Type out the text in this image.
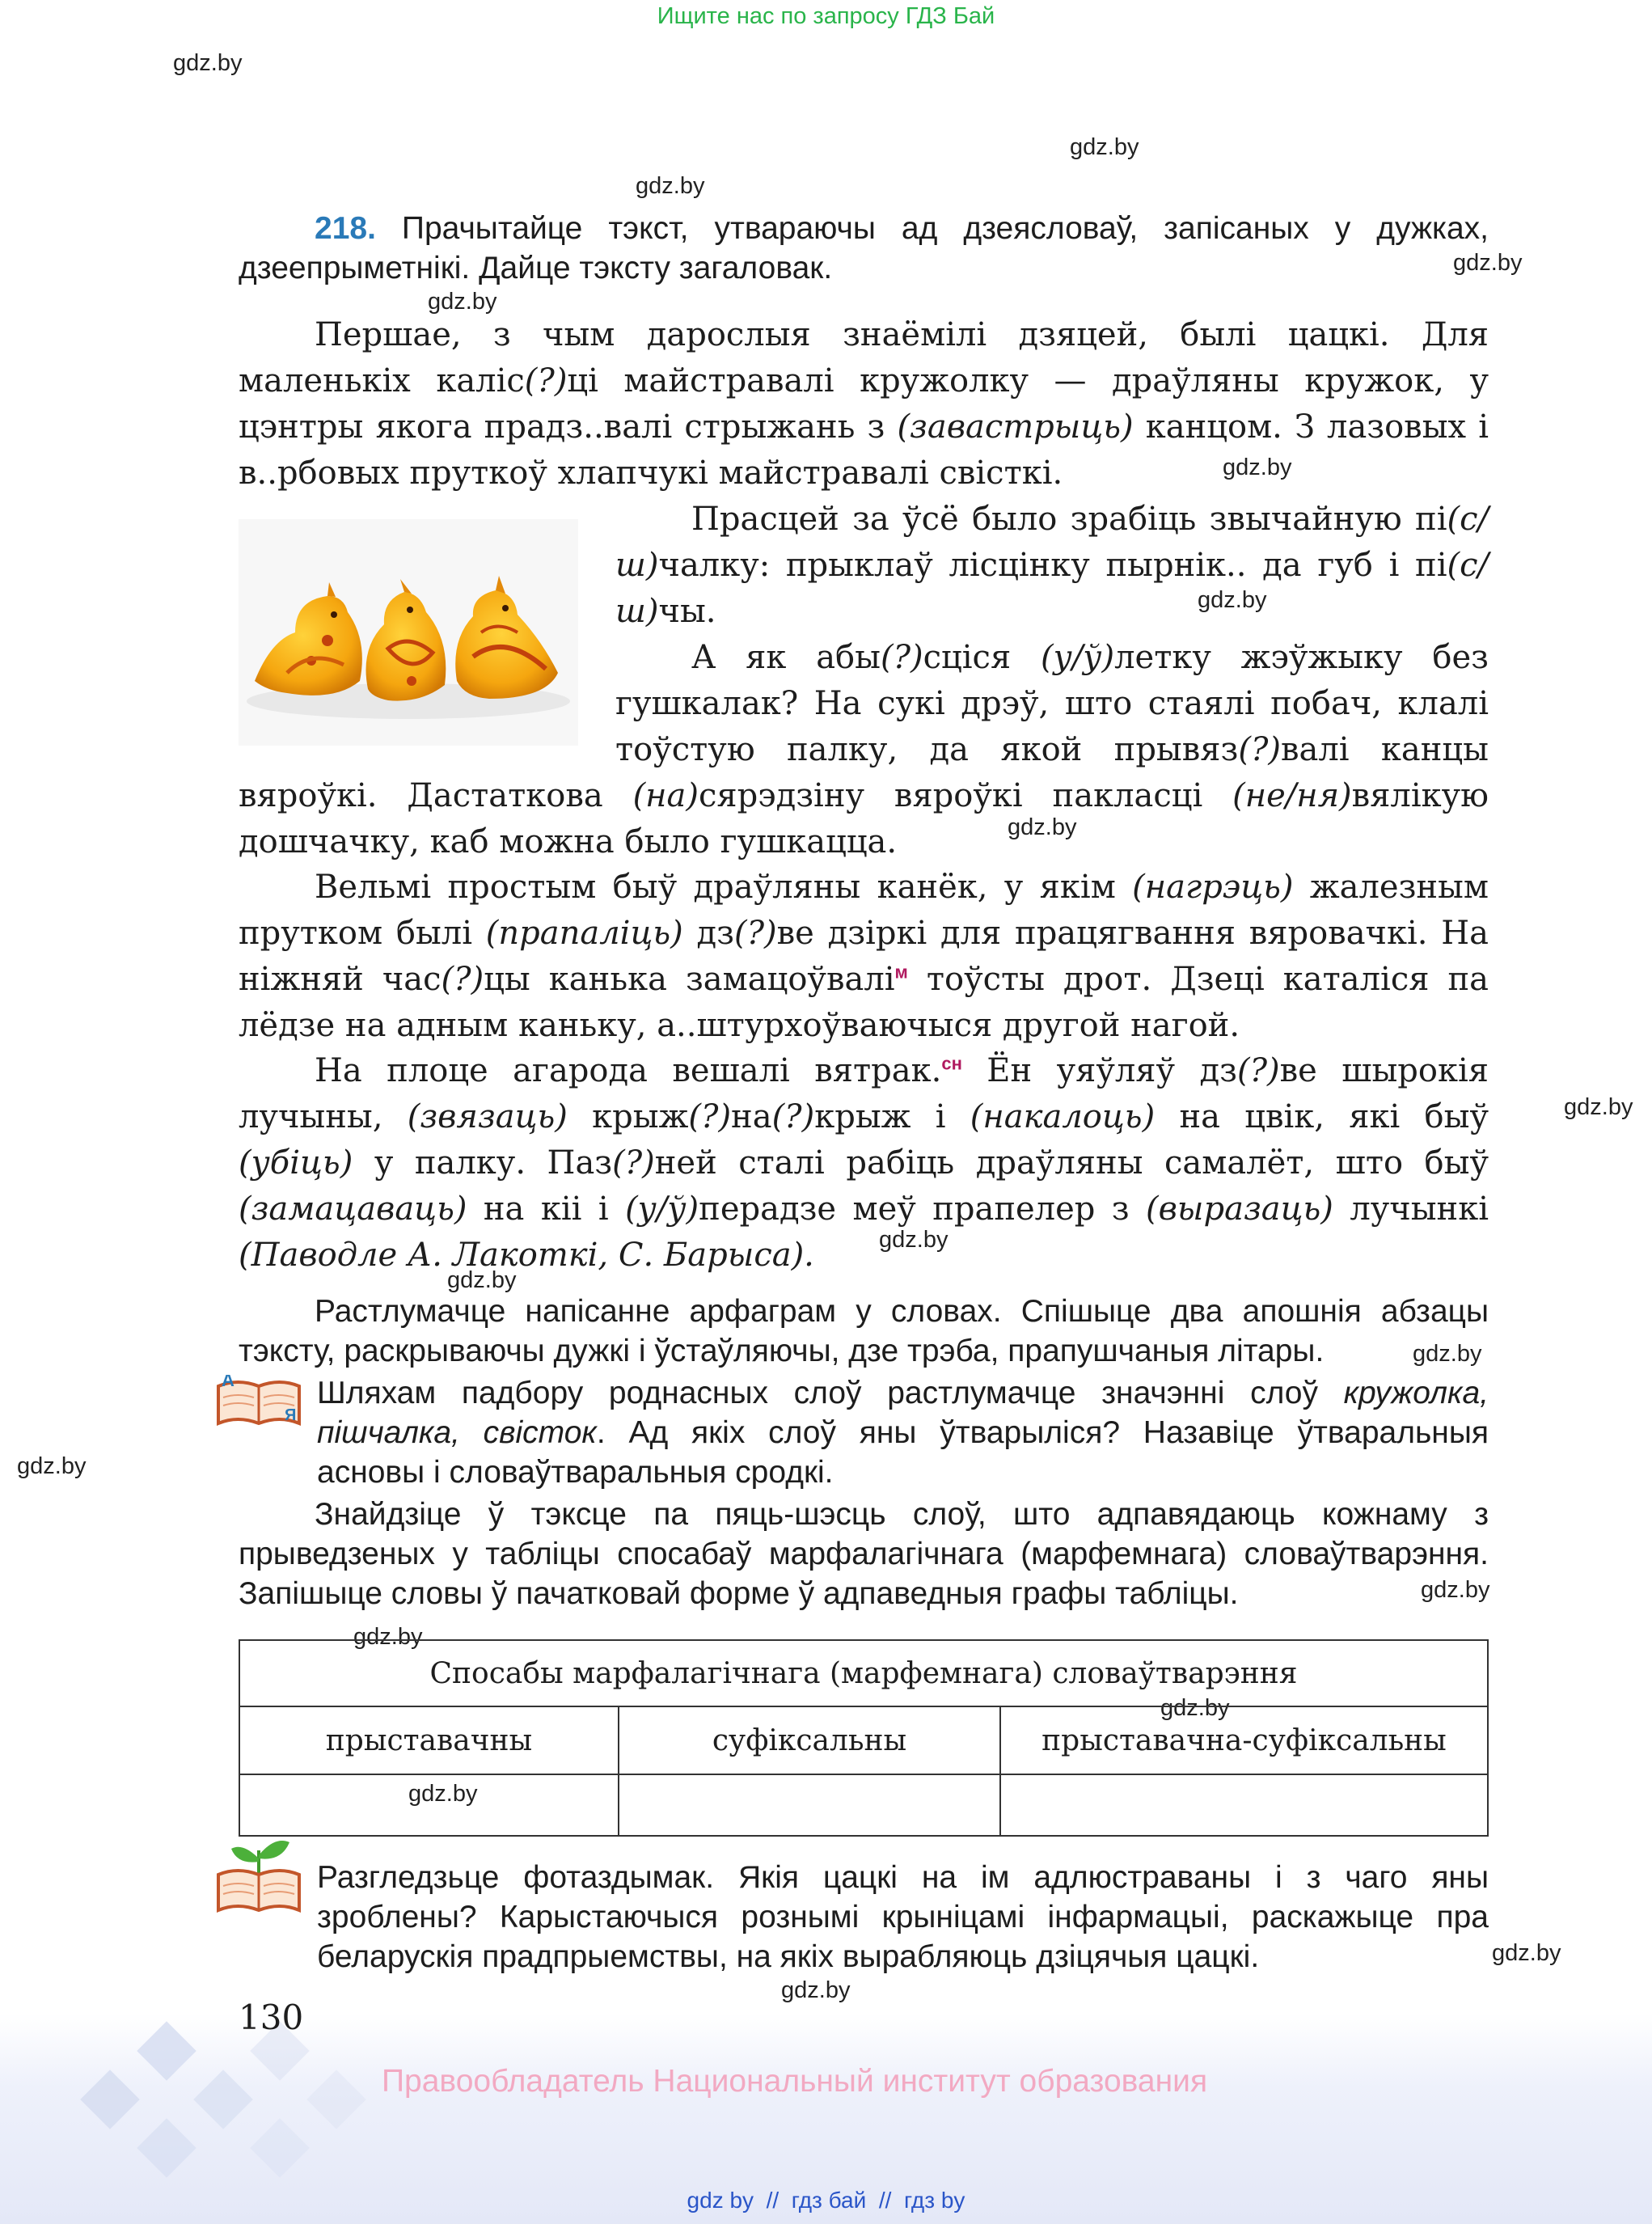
Ищите нас по запросу ГДЗ Бай
gdz.by
gdz.by
gdz.by
gdz.by
gdz.by
gdz.by
gdz.by
gdz.by
gdz.by
gdz.by
gdz.by
gdz.by
gdz.by
gdz.by
gdz.by
gdz.by
gdz.by
gdz.by
gdz.by
218. Прачытайце тэкст, утвараючы ад дзеясловаў, запісаных у дужках, дзеепрыметнікі. Дайце тэксту загаловак.
Першае, з чым дарослыя знаёмілі дзяцей, былі цацкі. Для маленькіх каліс(?)ці майстравалі кружолку — драўляны кружок, у цэнтры якога прадз..валі стрыжань з (завастрыць) канцом. З лазовых і в..рбовых пруткоў хлапчукі майстравалі свісткі.
Прасцей за ўсё было зрабіць звычайную пі(с/ш)чалку: прыклаў лісцінку пырнік.. да губ і пі(с/ш)чы.
А як абы(?)сціся (у/ў)летку жэўжыку без гушкалак? На сукі дрэў, што стаялі побач, клалі тоўстую палку, да якой прывяз(?)валі канцы вяроўкі. Дастаткова (на)сярэдзіну вяроўкі пакласці (не/ня)вялікую дошчачку, каб можна было гушкацца.
Вельмі простым быў драўляны канёк, у якім (нагрэць) жалезным прутком былі (прапаліць) дз(?)ве дзіркі для працягвання вяровачкі. На ніжняй час(?)цы канька замацоўвалі$^м$ тоўсты дрот. Дзеці каталіся па лёдзе на адным каньку, а..штурхоўваючыся другой нагой.
На плоце агарода вешалі вятрак.$^{сн}$ Ён уяўляў дз(?)ве шырокія лучыны, (звязаць) крыж(?)на(?)крыж і (накалоць) на цвік, які быў (убіць) у палку. Паз(?)ней сталі рабіць драўляны самалёт, што быў (замацаваць) на кіі і (у/ў)перадзе меў прапелер з (выразаць) лучынкі (Паводле А. Лакоткі, С. Барыса).
Растлумачце напісанне арфаграм у словах. Спішыце два апошнія абзацы тэксту, раскрываючы дужкі і ўстаўляючы, дзе трэба, прапушчаныя літары.
А
Я
Шляхам падбору роднасных слоў растлумачце значэнні слоў кружолка, пішчалка, свісток. Ад якіх слоў яны ўтварыліся? Назавіце ўтваральныя асновы і словаўтваральныя сродкі.
Знайдзіце ў тэксце па пяць-шэсць слоў, што адпавядаюць кожнаму з прыведзеных у табліцы спосабаў марфалагічнага (марфемнага) словаўтварэння. Запішыце словы ў пачатковай форме ў адпаведныя графы табліцы.
Спосабы марфалагічнага (марфемнага) словаўтварэння		
прыставачны	суфіксальны	прыставачна-суфіксальны

Разгледзьце фотаздымак. Якія цацкі на ім адлюстраваны і з чаго яны зроблены? Карыстаючыся рознымі крыніцамі інфармацыі, раскажыце пра беларускія прадпрыемствы, на якіх вырабляюць дзіцячыя цацкі.
130
Правообладатель Национальный институт образования
gdz by // гдз бай // гдз by
